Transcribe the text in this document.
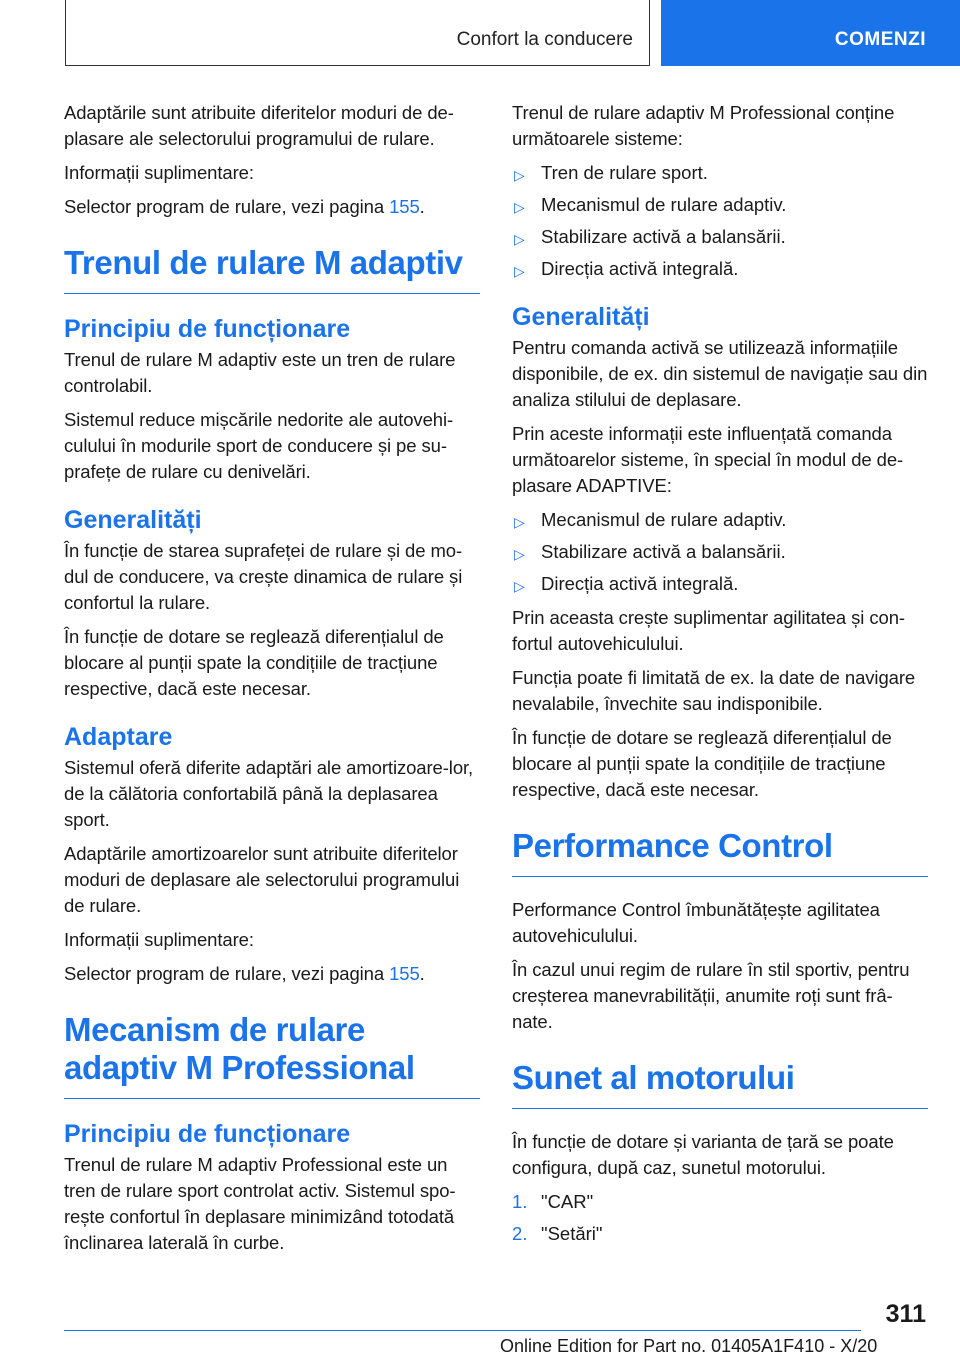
Confort la conducere	COMENZI

Adaptările sunt atribuite diferitelor moduri de de‐plasare ale selectorului programului de rulare.

Informații suplimentare:

Selector program de rulare, vezi pagina 155.

Trenul de rulare M adaptiv
Principiu de funcționare

Trenul de rulare M adaptiv este un tren de rulare controlabil.

Sistemul reduce mișcările nedorite ale autovehi‐culului în modurile sport de conducere și pe su‐prafețe de rulare cu denivelări.

Generalități

În funcție de starea suprafeței de rulare și de mo‐dul de conducere, va crește dinamica de rulare și confortul la rulare.

În funcție de dotare se reglează diferențialul de blocare al punții spate la condițiile de tracțiune respective, dacă este necesar.

Adaptare

Sistemul oferă diferite adaptări ale amortizoare‐lor, de la călătoria confortabilă până la deplasarea sport.

Adaptările amortizoarelor sunt atribuite diferitelor moduri de deplasare ale selectorului programului de rulare.

Informații suplimentare:

Selector program de rulare, vezi pagina 155.

Mecanism de rulare adaptiv M Professional
Principiu de funcționare

Trenul de rulare M adaptiv Professional este un tren de rulare sport controlat activ. Sistemul spo‐rește confortul în deplasare minimizând totodată înclinarea laterală în curbe.

Trenul de rulare adaptiv M Professional conține următoarele sisteme:

▷ Tren de rulare sport.
▷ Mecanismul de rulare adaptiv.
▷ Stabilizare activă a balansării.
▷ Direcția activă integrală.
Generalități

Pentru comanda activă se utilizează informațiile disponibile, de ex. din sistemul de navigație sau din analiza stilului de deplasare.

Prin aceste informații este influențată comanda următoarelor sisteme, în special în modul de de‐plasare ADAPTIVE:

▷ Mecanismul de rulare adaptiv.
▷ Stabilizare activă a balansării.
▷ Direcția activă integrală.

Prin aceasta crește suplimentar agilitatea și con‐fortul autovehiculului.

Funcția poate fi limitată de ex. la date de navigare nevalabile, învechite sau indisponibile.

În funcție de dotare se reglează diferențialul de blocare al punții spate la condițiile de tracțiune respective, dacă este necesar.

Performance Control

Performance Control îmbunătățește agilitatea autovehiculului.

În cazul unui regim de rulare în stil sportiv, pentru creșterea manevrabilității, anumite roți sunt frâ‐nate.

Sunet al motorului

În funcție de dotare și varianta de țară se poate configura, după caz, sunetul motorului.

1. "CAR"
2. "Setări"
311
Online Edition for Part no. 01405A1F410 - X/20
